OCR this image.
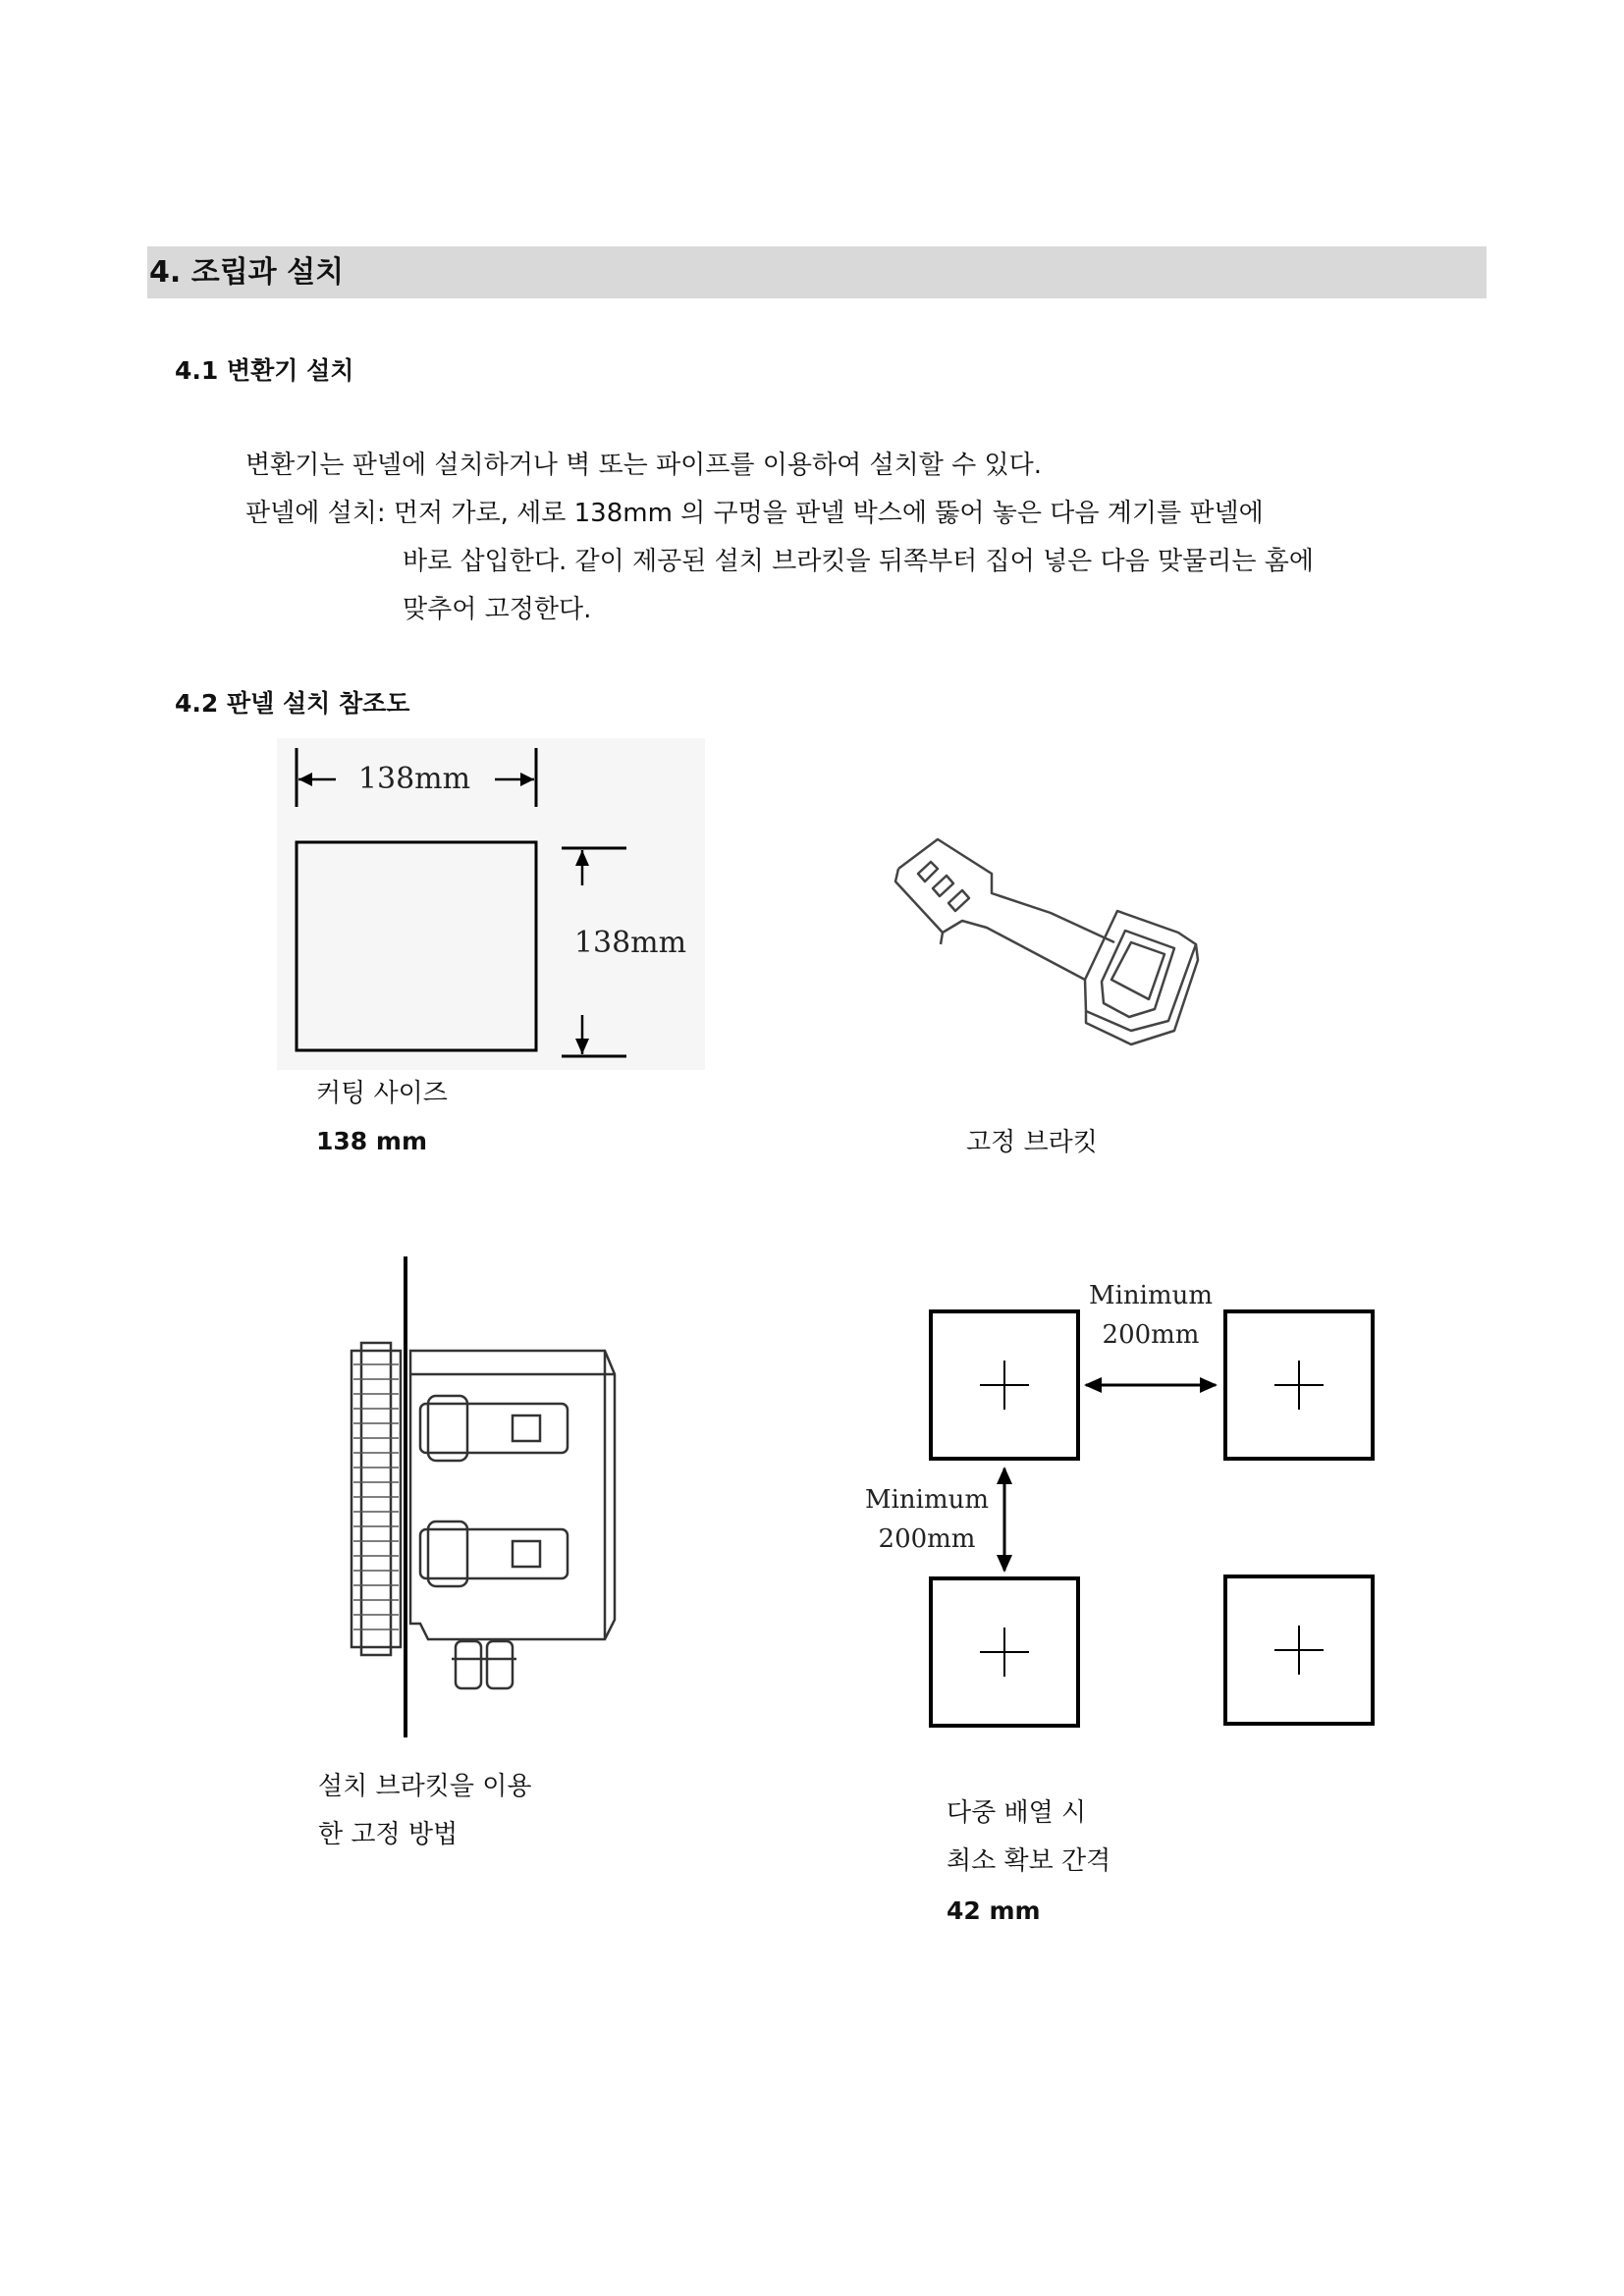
4. 조립과 설치
4.1 변환기 설치
변환기는 판넬에 설치하거나 벽 또는 파이프를 이용하여 설치할 수 있다.
판넬에 설치: 먼저 가로, 세로 138mm 의 구멍을 판넬 박스에 뚫어 놓은 다음 계기를 판넬에
바로 삽입한다. 같이 제공된 설치 브라킷을 뒤쪽부터 집어 넣은 다음 맞물리는 홈에
맞추어 고정한다.
4.2 판넬 설치 참조도
138mm
138mm
커팅 사이즈
138 mm	고정 브라킷
설치 브라킷을 이용
한 고정 방법
Minimum
200mm
Minimum
200mm
다중 배열 시
최소 확보 간격
42 mm
